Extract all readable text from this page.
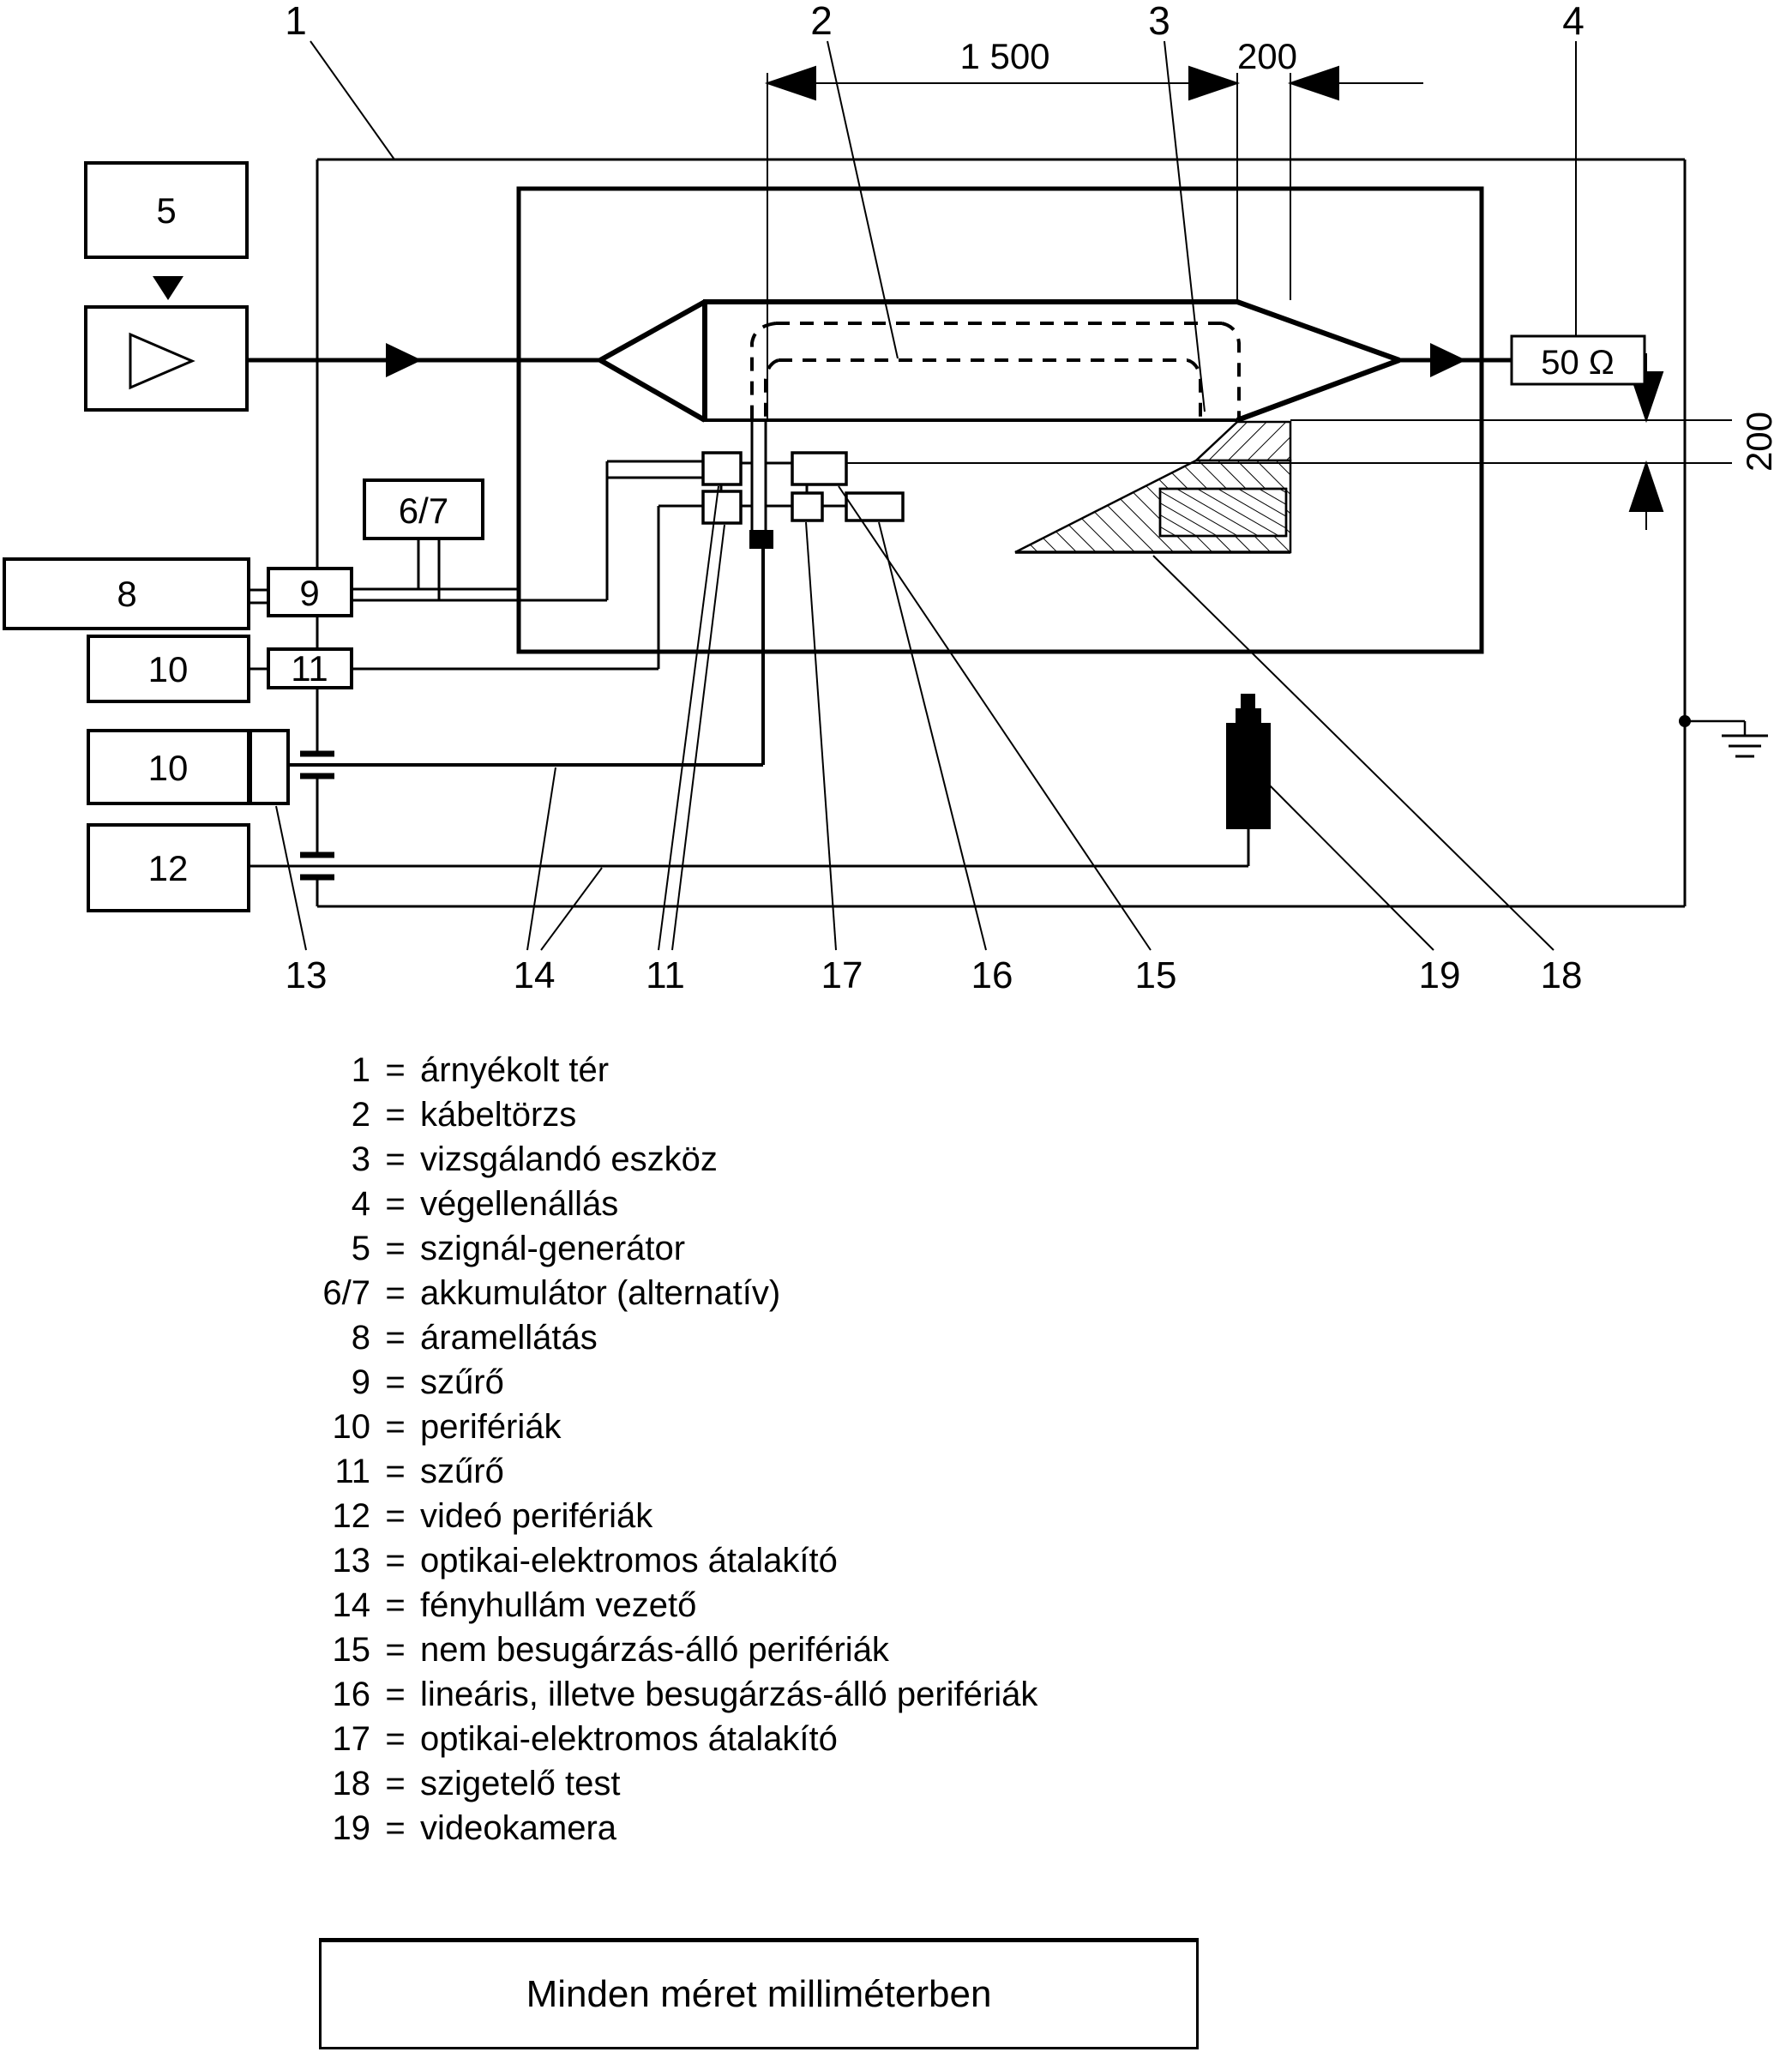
1 500	200
1	2	3	4
200
50 Ω
5
8	9
6/7
10	11
10
12
13	14 11	17	16	15	19 18
1 = árnyékolt tér
2 = kábeltörzs
3 = vizsgálandó eszköz
4 = végellenállás
5 = szignál-generátor
6/7 = akkumulátor (alternatív)
8 = áramellátás
9 = szűrő
10 = perifériák
11 = szűrő
12 = videó perifériák
13 = optikai-elektromos átalakító
14 = fényhullám vezető
15 = nem besugárzás-álló perifériák
16 = lineáris, illetve besugárzás-álló perifériák
17 = optikai-elektromos átalakító
18 = szigetelő test
19 = videokamera
Minden méret milliméterben
